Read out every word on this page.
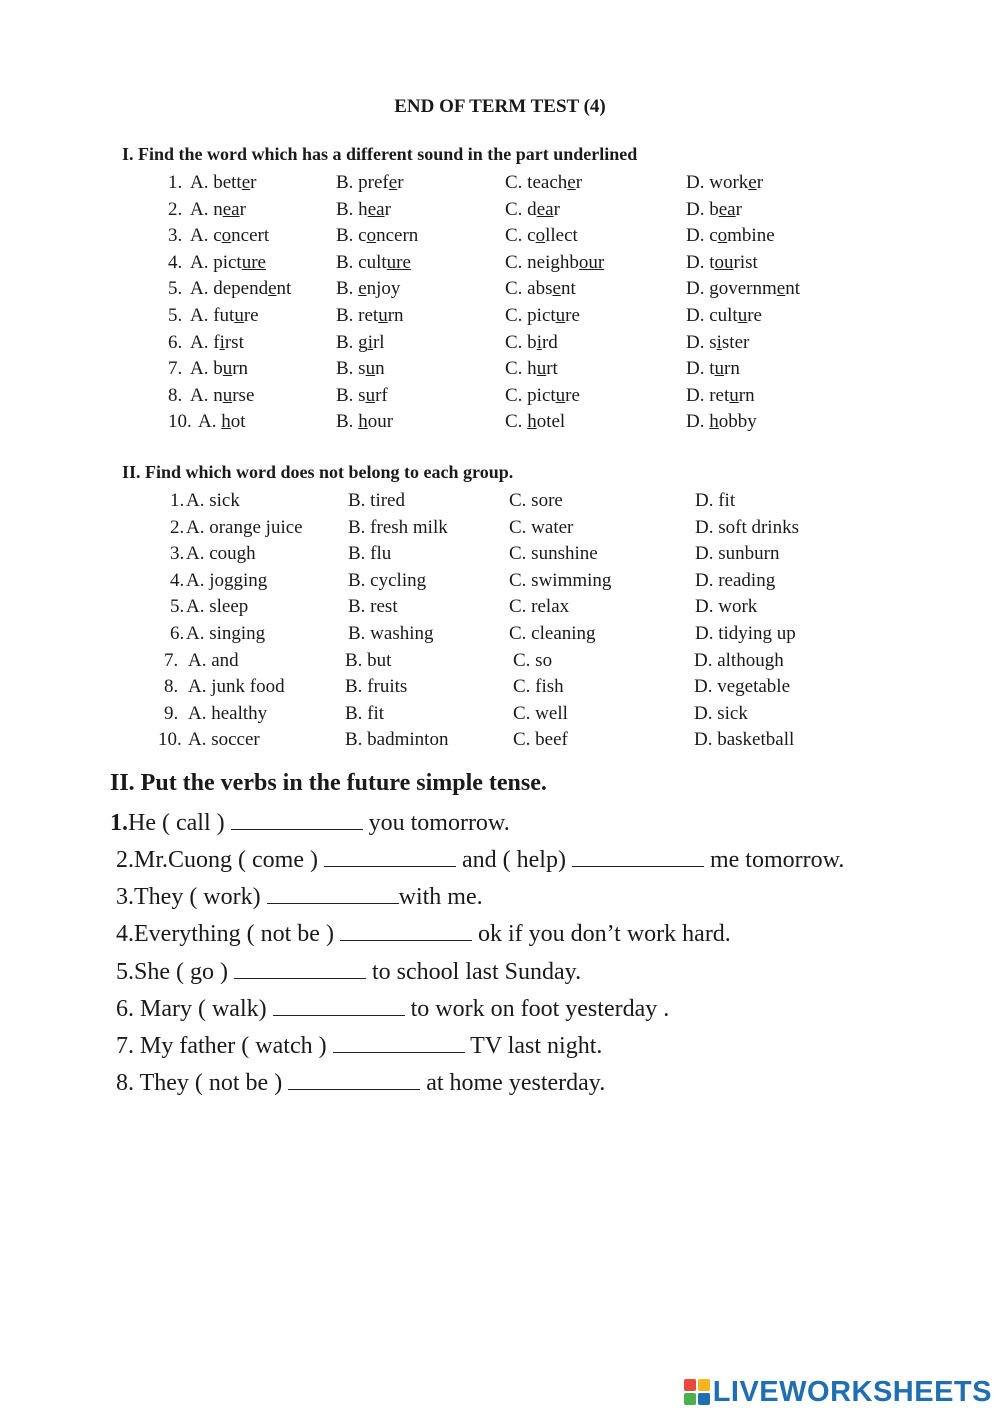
END OF TERM TEST (4)
I. Find the word which has a different sound in the part underlined
1. A. better	B. prefer	C. teacher	D. worker
2. A. near	B. hear	C. dear	D. bear
3. A. concert	B. concern	C. collect	D. combine
4. A. picture	B. culture	C. neighbour	D. tourist
5. A. dependent B. enjoy	C. absent	D. government
5. A. future	B. return	C. picture	D. culture
6. A. first	B. girl	C. bird	D. sister
7. A. burn	B. sun	C. hurt	D. turn
8. A. nurse	B. surf	C. picture	D. return
10. A. hot	B. hour	C. hotel	D. hobby
II. Find which word does not belong to each group.
1. A. sick	B. tired	C. sore	D. fit
2. A. orange juice B. fresh milk	C. water	D. soft drinks
3. A. cough	B. flu	C. sunshine	D. sunburn
4. A. jogging	B. cycling	C. swimming	D. reading
5. A. sleep	B. rest	C. relax	D. work
6. A. singing	B. washing	C. cleaning	D. tidying up
7. A. and	B. but	C. so	D. although
8. A. junk food	B. fruits	C. fish	D. vegetable
9. A. healthy	B. fit	C. well	D. sick
10. A. soccer	B. badminton	C. beef	D. basketball
II. Put the verbs in the future simple tense.
1.He ( call )	you tomorrow.
2.Mr.Cuong ( come )	and ( help)	me tomorrow.
3.They ( work)	with me.
4.Everything ( not be )	ok if you don’t work hard.
5.She ( go )	to school last Sunday.
6. Mary ( walk)	to work on foot yesterday .
7. My father ( watch )	TV last night.
8. They ( not be )	at home yesterday.
LIVEWORKSHEETS
